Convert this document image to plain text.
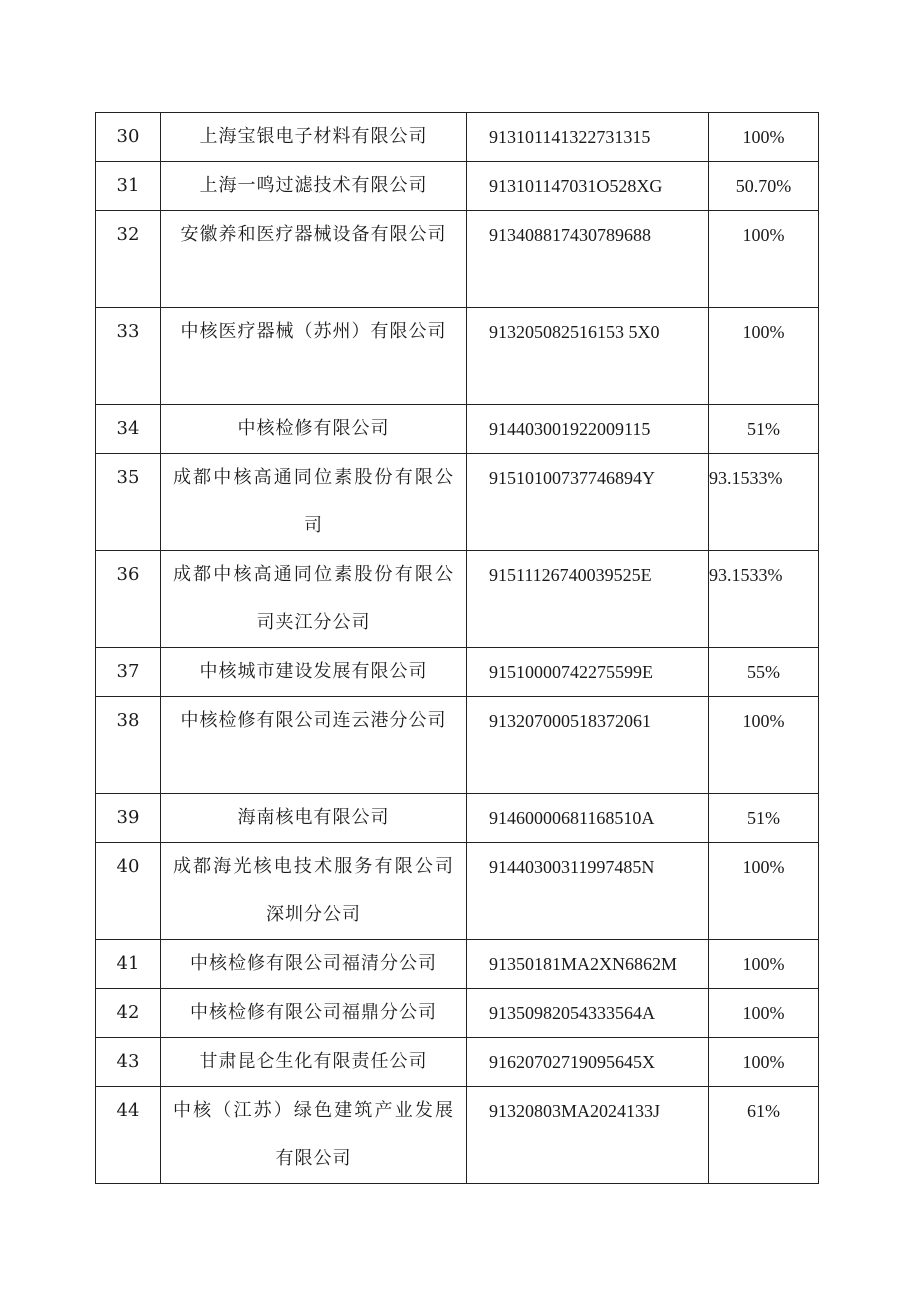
30	上海宝银电子材料有限公司	913101141322731315	100%
31	上海一鸣过滤技术有限公司	913101147031O528XG	50.70%
32	安徽养和医疗器械设备有限公司	913408817430789688	100%
33	中核医疗器械（苏州）有限公司	913205082516153 5X0	100%
34	中核检修有限公司	914403001922009115	51%
35	成都中核高通同位素股份有限公司	91510100737746894Y	93.1533%
36	成都中核高通同位素股份有限公司夹江分公司	91511126740039525E	93.1533%
37	中核城市建设发展有限公司	91510000742275599E	55%
38	中核检修有限公司连云港分公司	913207000518372061	100%
39	海南核电有限公司	91460000681168510A	51%
40	成都海光核电技术服务有限公司深圳分公司	91440300311997485N	100%
41	中核检修有限公司福清分公司	91350181MA2XN6862M	100%
42	中核检修有限公司福鼎分公司	91350982054333564A	100%
43	甘肃昆仑生化有限责任公司	91620702719095645X	100%
44	中核（江苏）绿色建筑产业发展有限公司	91320803MA2024133J	61%
